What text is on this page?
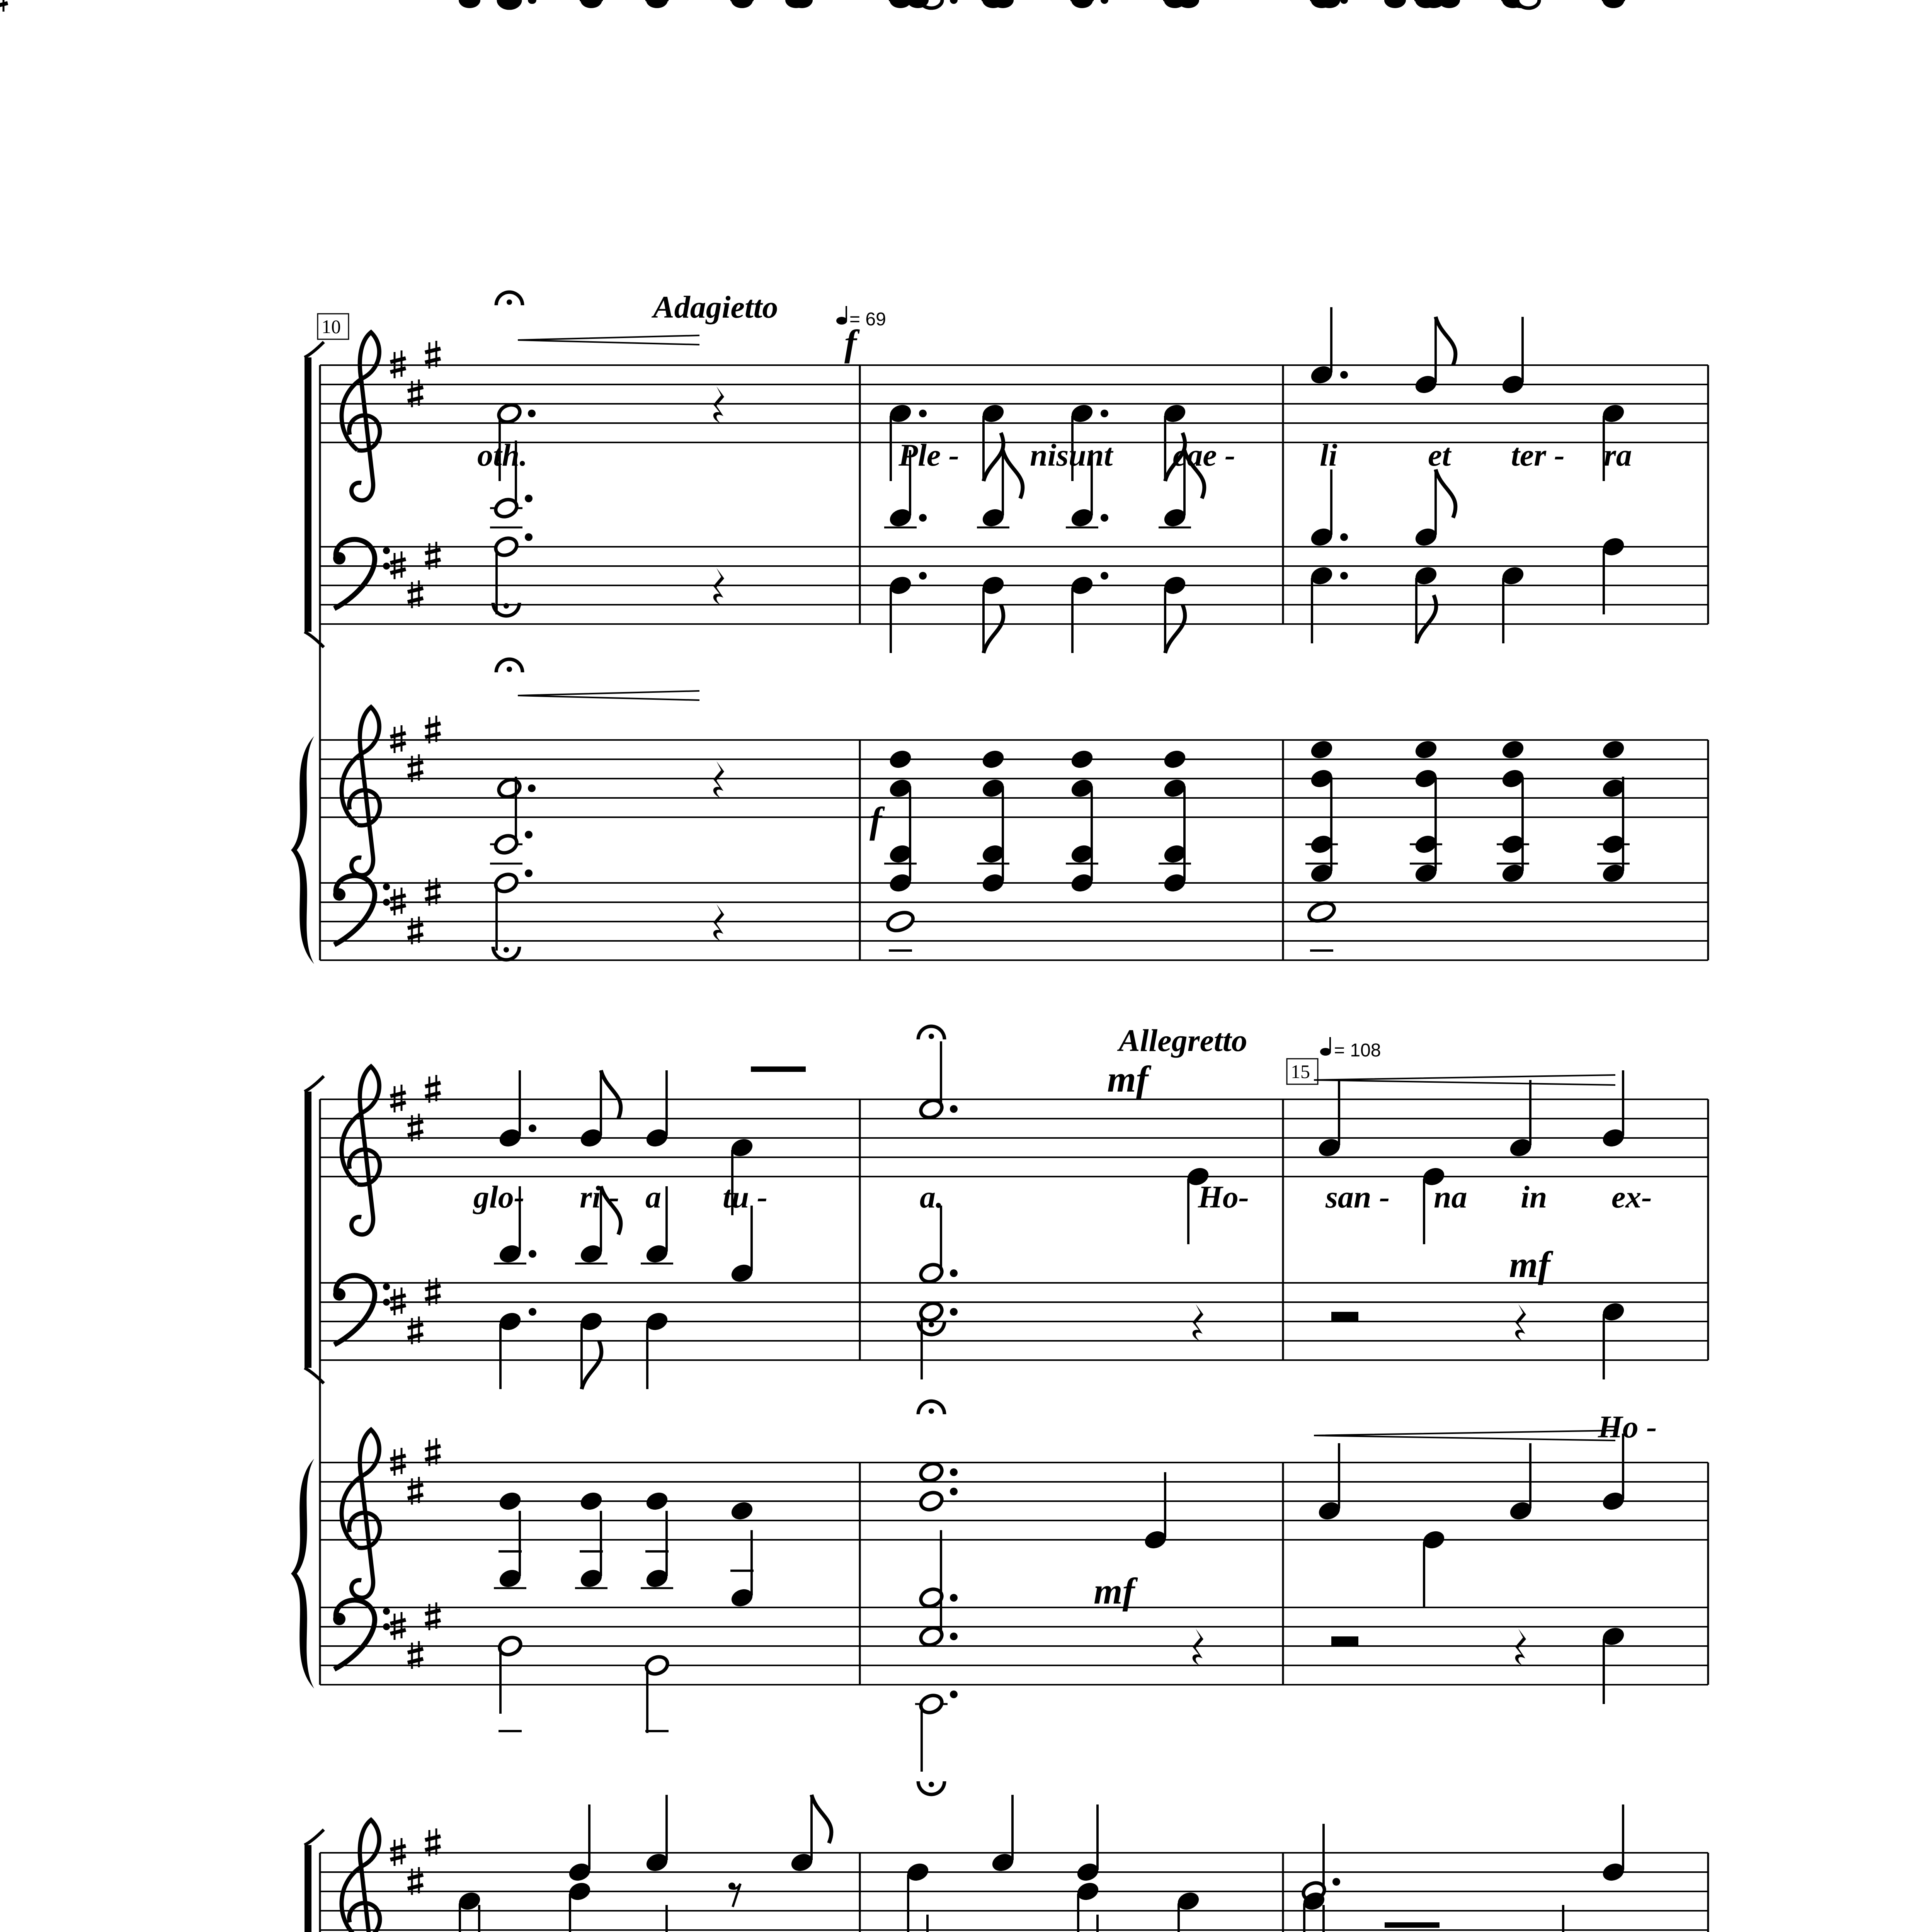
10
15
Adagietto	= 69
Allegretto	= 108
f
f
mf
mf
mf
oth.	Ple - nisunt cae -	li	et ter - ra
glo- ri - a tu -	a.	Ho- san - na in ex-
Ho -
